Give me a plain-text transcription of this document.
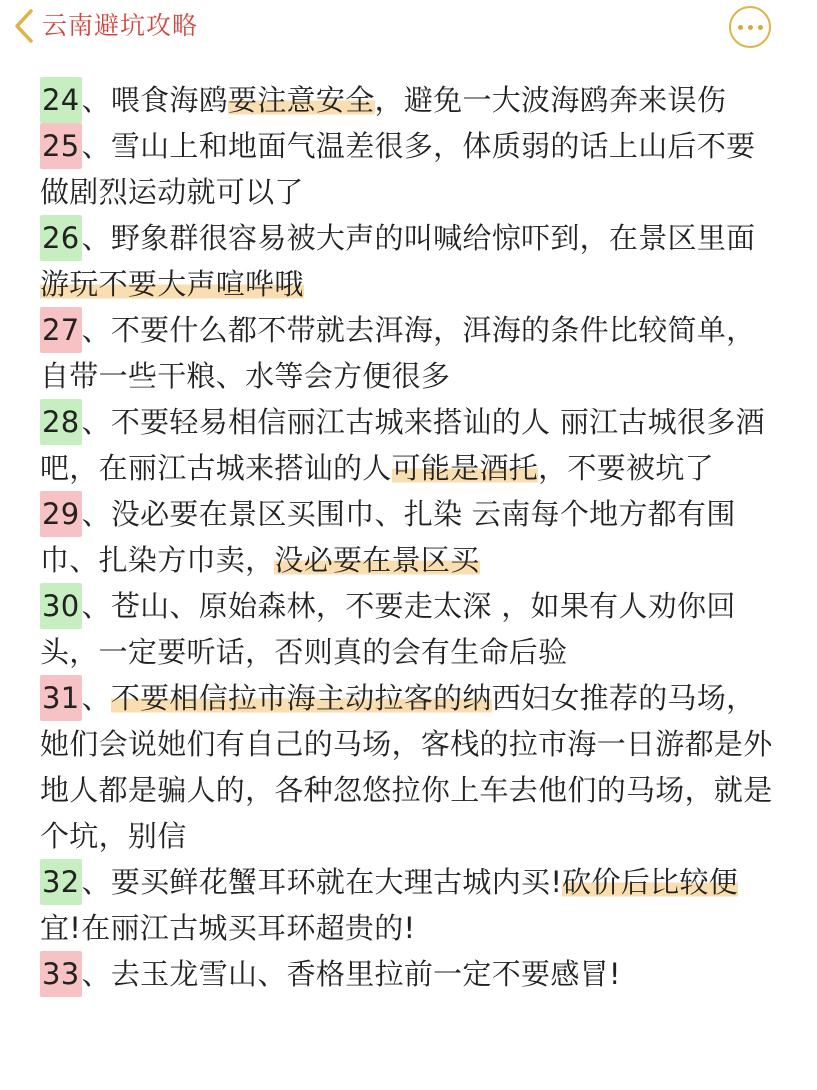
云南避坑攻略

24、喂食海鸥要注意安全，避免一大波海鸥奔来误伤

25、雪山上和地面气温差很多，体质弱的话上山后不要做剧烈运动就可以了

26、野象群很容易被大声的叫喊给惊吓到，在景区里面游玩不要大声喧哗哦

27、不要什么都不带就去洱海，洱海的条件比较简单，自带一些干粮、水等会方便很多

28、不要轻易相信丽江古城来搭讪的人 丽江古城很多酒吧，在丽江古城来搭讪的人可能是酒托，不要被坑了

29、没必要在景区买围巾、扎染 云南每个地方都有围巾、扎染方巾卖，没必要在景区买

30、苍山、原始森林，不要走太深 ，如果有人劝你回头，一定要听话，否则真的会有生命后验

31、不要相信拉市海主动拉客的纳西妇女推荐的马场，她们会说她们有自己的马场，客栈的拉市海一日游都是外地人都是骗人的，各种忽悠拉你上车去他们的马场，就是个坑，别信

32、要买鲜花蟹耳环就在大理古城内买!砍价后比较便宜!在丽江古城买耳环超贵的!

33、去玉龙雪山、香格里拉前一定不要感冒!
